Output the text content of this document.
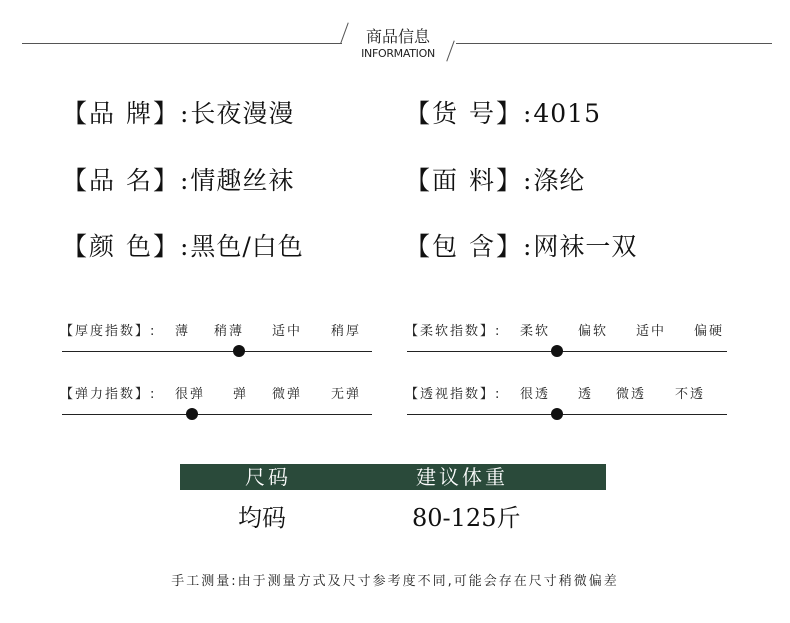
商品信息
INFORMATION
【品 牌】:长夜漫漫	【货 号】:4015
【品 名】:情趣丝袜	【面 料】:涤纶
【颜 色】:黑色/白色	【包 含】:网袜一双
【厚度指数】: 薄 稍薄 适中 稍厚	【柔软指数】: 柔软 偏软 适中 偏硬
【弹力指数】: 很弹 弹 微弹 无弹	【透视指数】: 很透 透 微透 不透
尺码	建议体重
均码	80-125斤
手工测量:由于测量方式及尺寸参考度不同,可能会存在尺寸稍微偏差
